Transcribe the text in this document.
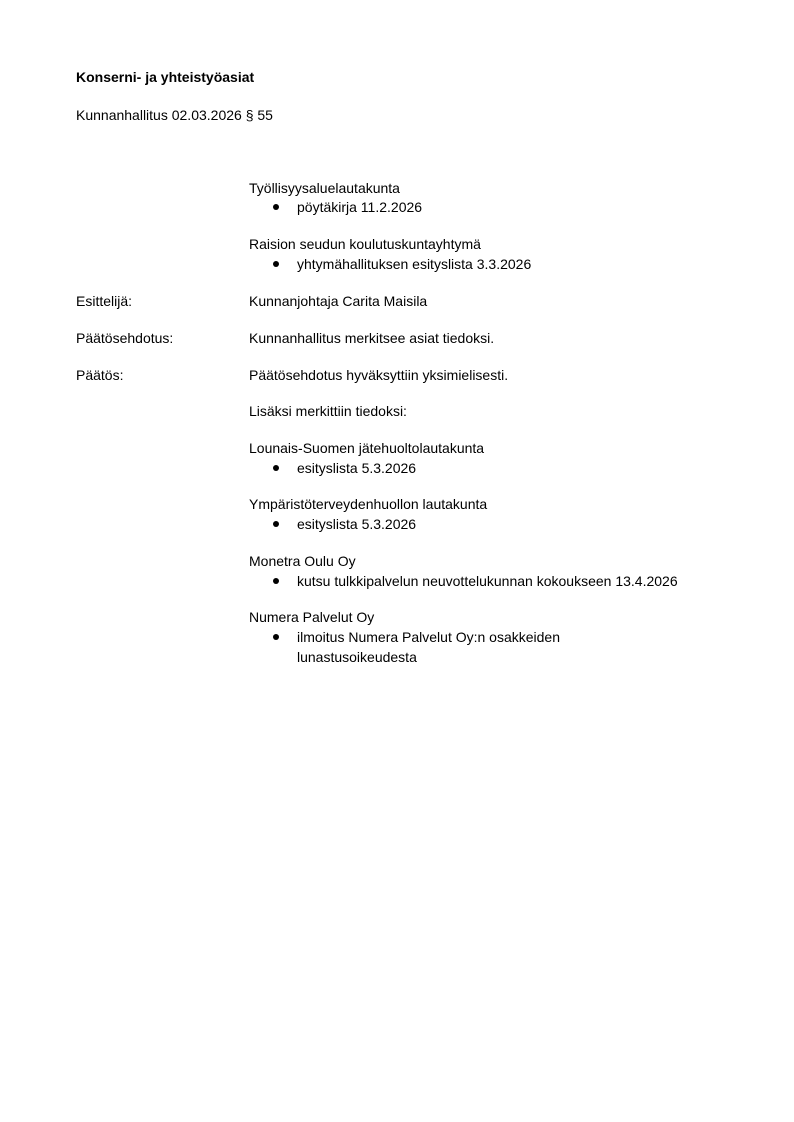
Konserni- ja yhteistyöasiat
Kunnanhallitus 02.03.2026 § 55
Työllisyysaluelautakunta
pöytäkirja 11.2.2026
Raision seudun koulutuskuntayhtymä
yhtymähallituksen esityslista 3.3.2026
Esittelijä:	Kunnanjohtaja Carita Maisila
Päätösehdotus:	Kunnanhallitus merkitsee asiat tiedoksi.
Päätös:	Päätösehdotus hyväksyttiin yksimielisesti.
Lisäksi merkittiin tiedoksi:
Lounais-Suomen jätehuoltolautakunta
esityslista 5.3.2026
Ympäristöterveydenhuollon lautakunta
esityslista 5.3.2026
Monetra Oulu Oy
kutsu tulkkipalvelun neuvottelukunnan kokoukseen 13.4.2026
Numera Palvelut Oy
ilmoitus Numera Palvelut Oy:n osakkeiden
lunastusoikeudesta
